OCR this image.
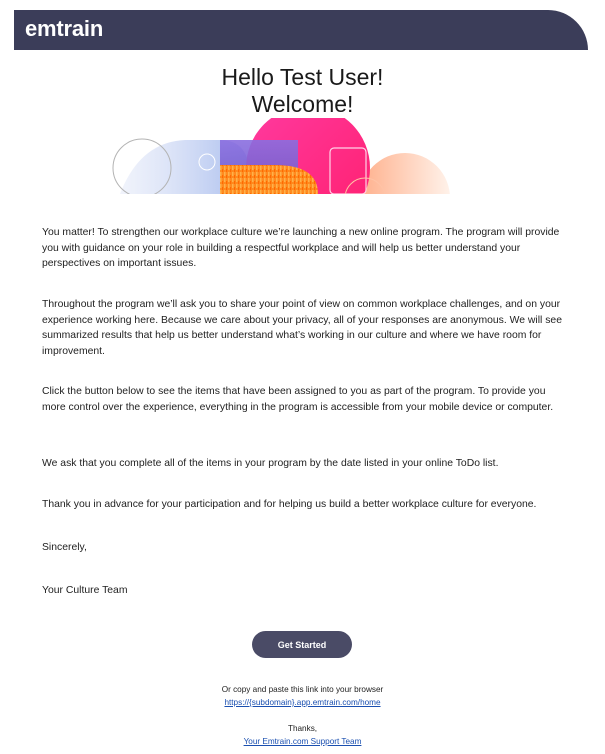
emtrain
Hello Test User!
Welcome!

You matter! To strengthen our workplace culture we’re launching a new online program. The program will provide you with guidance on your role in building a respectful workplace and will help us better understand your perspectives on important issues.

Throughout the program we’ll ask you to share your point of view on common workplace challenges, and on your experience working here. Because we care about your privacy, all of your responses are anonymous. We will see summarized results that help us better understand what’s working in our culture and where we have room for improvement.

Click the button below to see the items that have been assigned to you as part of the program. To provide you more control over the experience, everything in the program is accessible from your mobile device or computer.

We ask that you complete all of the items in your program by the date listed in your online ToDo list.

Thank you in advance for your participation and for helping us build a better workplace culture for everyone.

Sincerely,

Your Culture Team

Get Started
Or copy and paste this link into your browser
https://{subdomain}.app.emtrain.com/home
Thanks,
Your Emtrain.com Support Team
